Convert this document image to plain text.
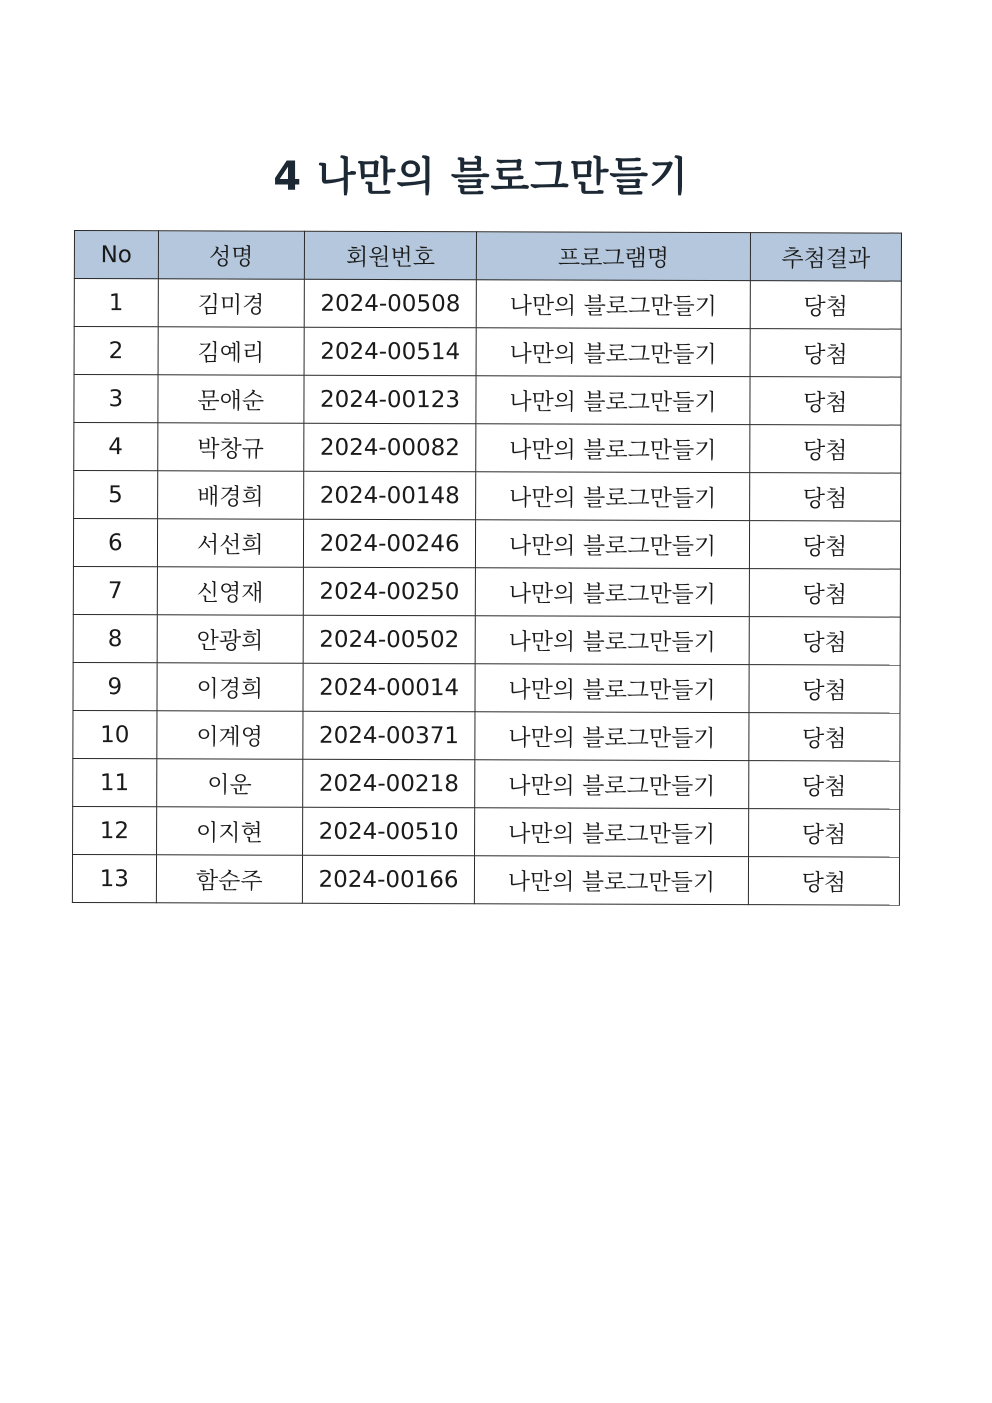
4 나만의 블로그만들기
No	성명	회원번호	프로그램명	추첨결과
1	김미경	2024-00508	나만의 블로그만들기	당첨
2	김예리	2024-00514	나만의 블로그만들기	당첨
3	문애순	2024-00123	나만의 블로그만들기	당첨
4	박창규	2024-00082	나만의 블로그만들기	당첨
5	배경희	2024-00148	나만의 블로그만들기	당첨
6	서선희	2024-00246	나만의 블로그만들기	당첨
7	신영재	2024-00250	나만의 블로그만들기	당첨
8	안광희	2024-00502	나만의 블로그만들기	당첨
9	이경희	2024-00014	나만의 블로그만들기	당첨
10	이계영	2024-00371	나만의 블로그만들기	당첨
11	이운	2024-00218	나만의 블로그만들기	당첨
12	이지현	2024-00510	나만의 블로그만들기	당첨
13	함순주	2024-00166	나만의 블로그만들기	당첨
